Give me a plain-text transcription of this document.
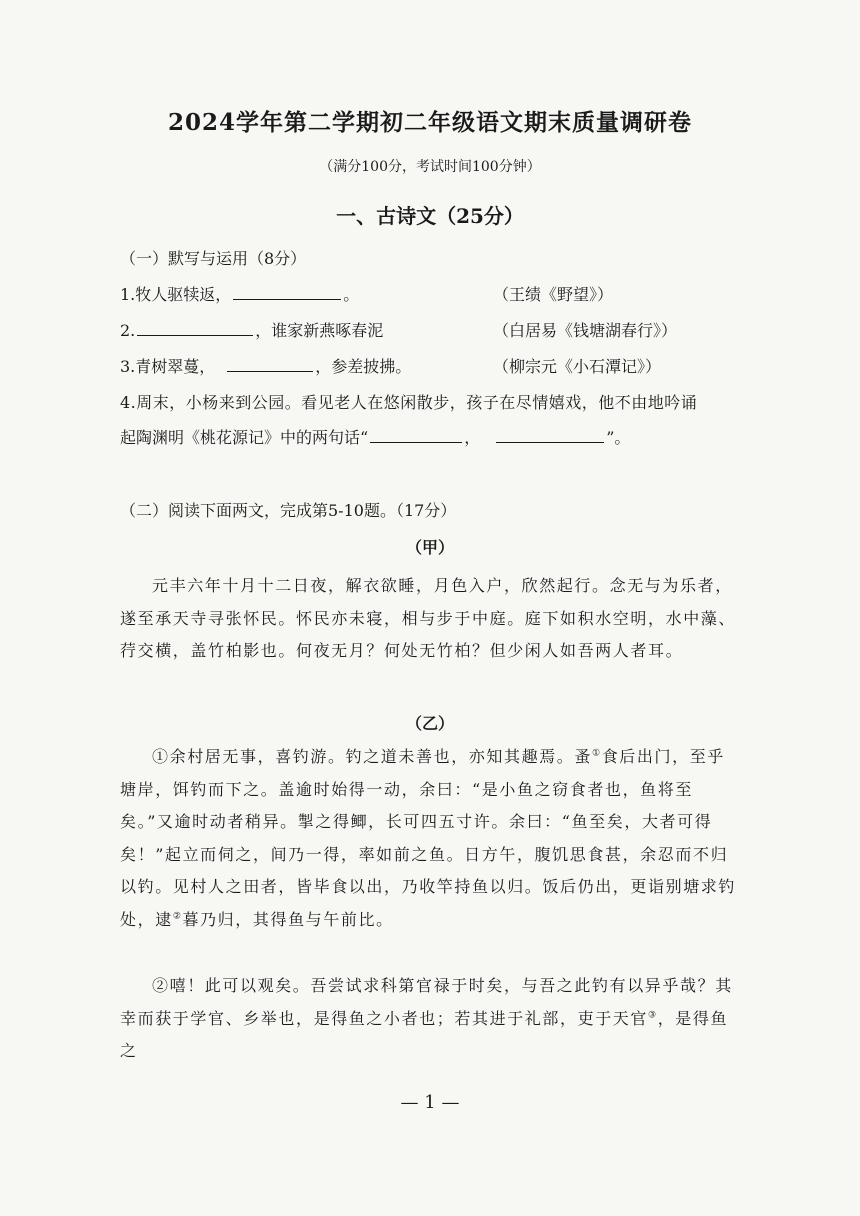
2024学年第二学期初二年级语文期末质量调研卷
（满分100分，考试时间100分钟）
一、古诗文（25分）
（一）默写与运用（8分）
1.牧人驱犊返，	。	（王绩《野望》）
2.	，谁家新燕啄春泥	（白居易《钱塘湖春行》）
3.青树翠蔓，	，参差披拂。	（柳宗元《小石潭记》）
4.周末，小杨来到公园。看见老人在悠闲散步，孩子在尽情嬉戏，他不由地吟诵
起陶渊明《桃花源记》中的两句话“	，	”。
（二）阅读下面两文，完成第5-10题。（17分）
（甲）
元丰六年十月十二日夜，解衣欲睡，月色入户，欣然起行。念无与为乐者，遂至承天寺寻张怀民。怀民亦未寝，相与步于中庭。庭下如积水空明，水中藻、荇交横，盖竹柏影也。何夜无月？何处无竹柏？但少闲人如吾两人者耳。
（乙）
①余村居无事，喜钓游。钓之道未善也，亦知其趣焉。蚤①食后出门，至乎塘岸，饵钓而下之。盖逾时始得一动，余曰：“是小鱼之窃食者也，鱼将至矣。”又逾时动者稍异。掣之得鲫，长可四五寸许。余曰：“鱼至矣，大者可得矣！”起立而伺之，间乃一得，率如前之鱼。日方午，腹饥思食甚，余忍而不归以钓。见村人之田者，皆毕食以出，乃收竿持鱼以归。饭后仍出，更诣别塘求钓处，逮②暮乃归，其得鱼与午前比。
②嘻！此可以观矣。吾尝试求科第官禄于时矣，与吾之此钓有以异乎哉？其幸而获于学官、乡举也，是得鱼之小者也；若其进于礼部，吏于天官③，是得鱼之
— 1 —
